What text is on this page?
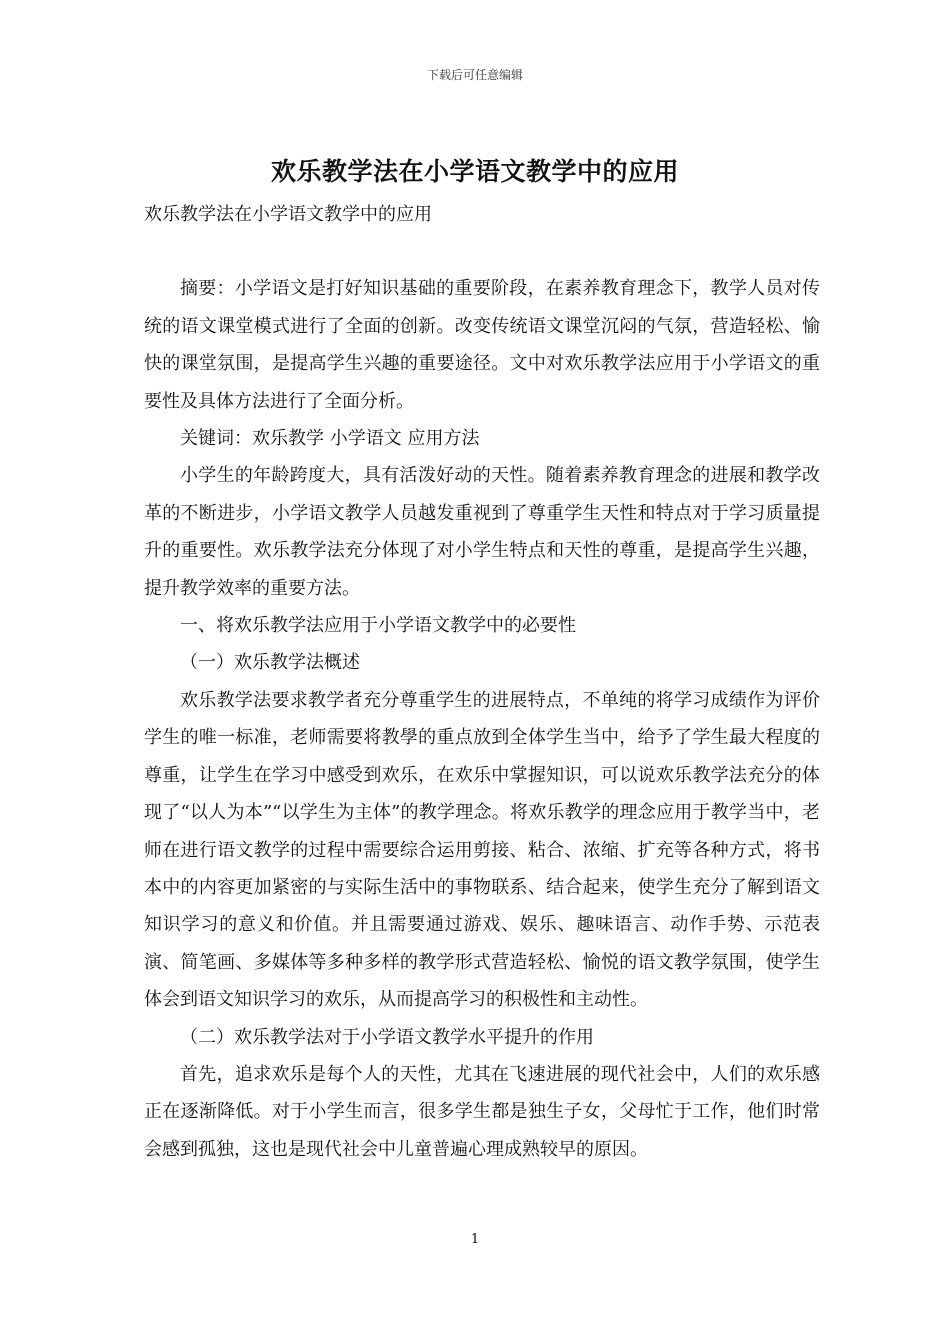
下载后可任意编辑
欢乐教学法在小学语文教学中的应用

欢乐教学法在小学语文教学中的应用

摘要：小学语文是打好知识基础的重要阶段，在素养教育理念下，教学人员对传统的语文课堂模式进行了全面的创新。改变传统语文课堂沉闷的气氛，营造轻松、愉快的课堂氛围，是提高学生兴趣的重要途径。文中对欢乐教学法应用于小学语文的重要性及具体方法进行了全面分析。

关键词：欢乐教学 小学语文 应用方法

小学生的年龄跨度大，具有活泼好动的天性。随着素养教育理念的进展和教学改革的不断进步，小学语文教学人员越发重视到了尊重学生天性和特点对于学习质量提升的重要性。欢乐教学法充分体现了对小学生特点和天性的尊重，是提高学生兴趣，提升教学效率的重要方法。

一、将欢乐教学法应用于小学语文教学中的必要性

（一）欢乐教学法概述

欢乐教学法要求教学者充分尊重学生的进展特点，不单纯的将学习成绩作为评价学生的唯一标准，老师需要将教學的重点放到全体学生当中，给予了学生最大程度的尊重，让学生在学习中感受到欢乐，在欢乐中掌握知识，可以说欢乐教学法充分的体现了“以人为本”“以学生为主体”的教学理念。将欢乐教学的理念应用于教学当中，老师在进行语文教学的过程中需要综合运用剪接、粘合、浓缩、扩充等各种方式，将书本中的内容更加紧密的与实际生活中的事物联系、结合起来，使学生充分了解到语文知识学习的意义和价值。并且需要通过游戏、娱乐、趣味语言、动作手势、示范表演、简笔画、多媒体等多种多样的教学形式营造轻松、愉悦的语文教学氛围，使学生体会到语文知识学习的欢乐，从而提高学习的积极性和主动性。

（二）欢乐教学法对于小学语文教学水平提升的作用

首先，追求欢乐是每个人的天性，尤其在飞速进展的现代社会中，人们的欢乐感正在逐渐降低。对于小学生而言，很多学生都是独生子女，父母忙于工作，他们时常会感到孤独，这也是现代社会中儿童普遍心理成熟较早的原因。

1
